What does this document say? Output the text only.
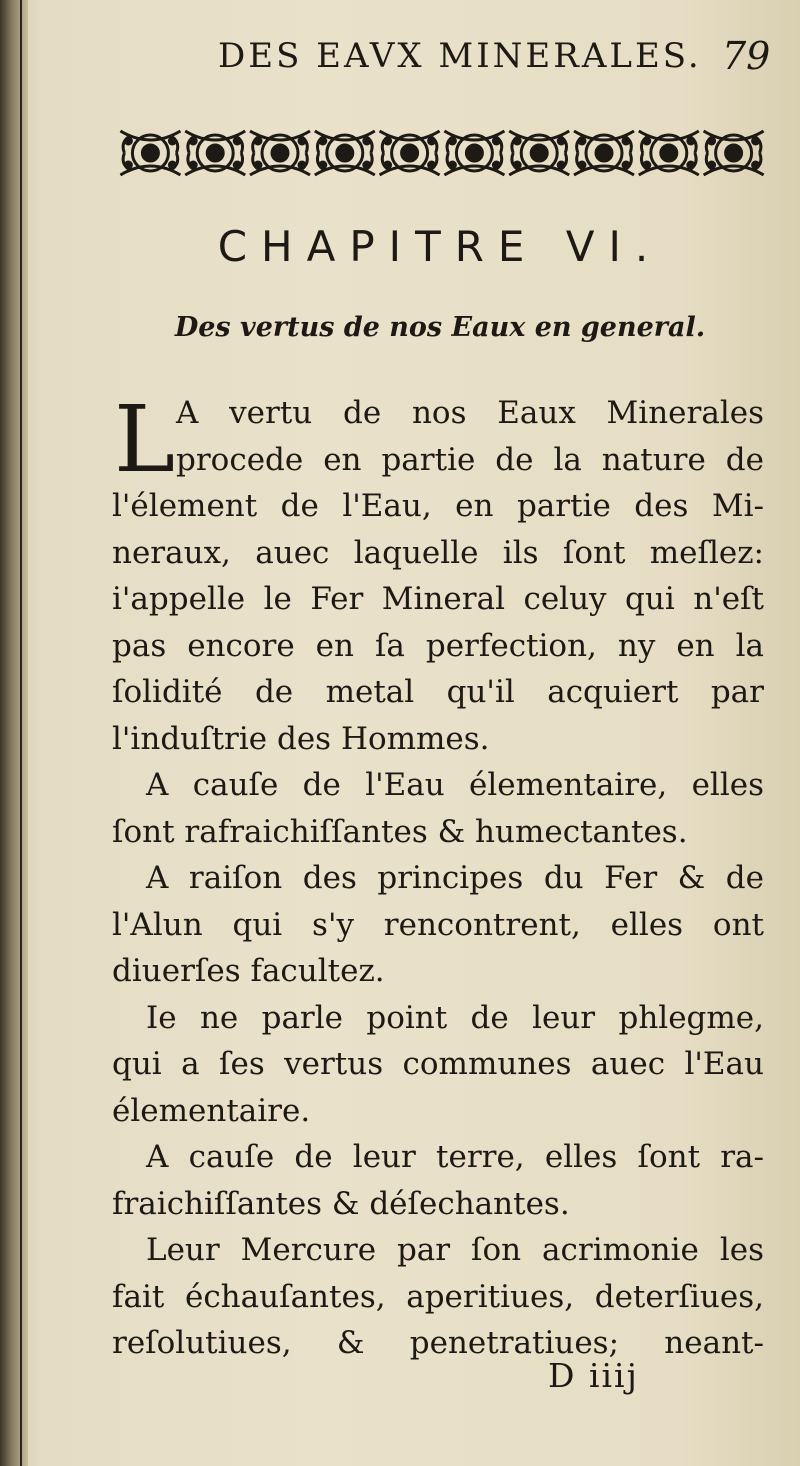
DES EAVX MINERALES. 79
CHAPITRE VI.
Des vertus de nos Eaux en general.
L A vertu de nos Eaux Minerales
procede en partie de la nature de
l'élement de l'Eau, en partie des Mi-
neraux, auec laquelle ils ſont meſlez:
i'appelle le Fer Mineral celuy qui n'eſt
pas encore en ſa perfection, ny en la
ſolidité de metal qu'il acquiert par
l'induſtrie des Hommes.
A cauſe de l'Eau élementaire, elles
ſont rafraichiſſantes & humectantes.
A raiſon des principes du Fer & de
l'Alun qui s'y rencontrent, elles ont
diuerſes facultez.
Ie ne parle point de leur phlegme,
qui a ſes vertus communes auec l'Eau
élementaire.
A cauſe de leur terre, elles ſont ra-
fraichiſſantes & déſechantes.
Leur Mercure par ſon acrimonie les
fait échauſantes, aperitiues, deterſiues,
reſolutiues, & penetratiues; neant-
D iiij
